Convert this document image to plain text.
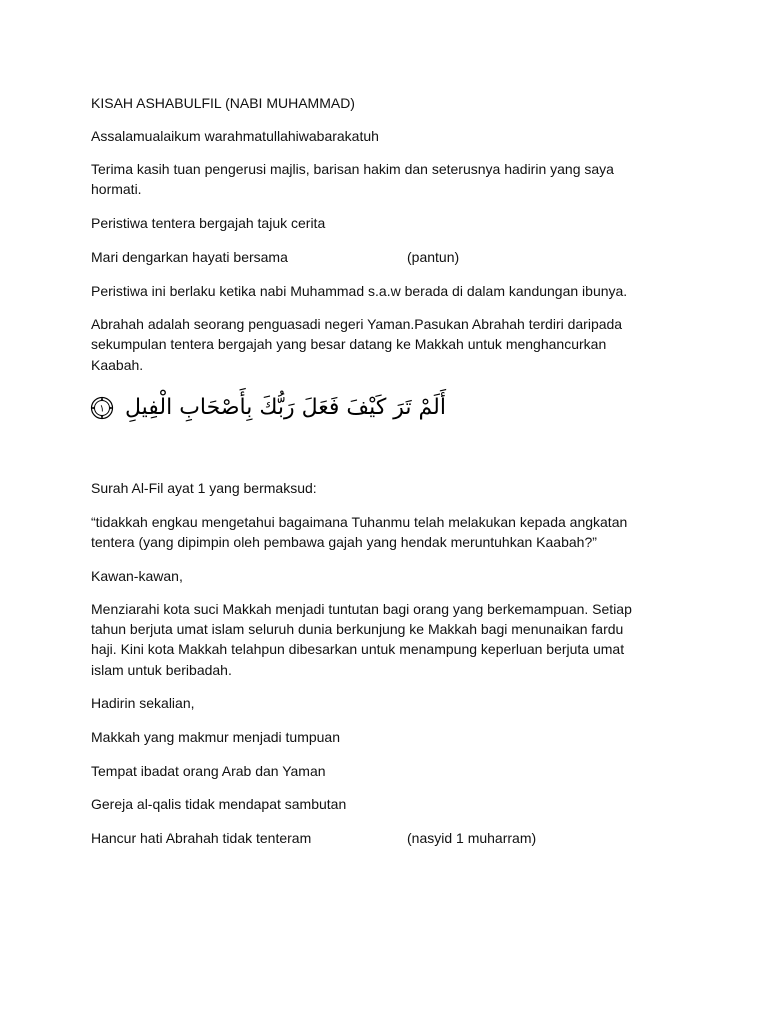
KISAH ASHABULFIL (NABI MUHAMMAD)
Assalamualaikum warahmatullahiwabarakatuh
Terima kasih tuan pengerusi majlis, barisan hakim dan seterusnya hadirin yang saya
hormati.
Peristiwa tentera bergajah tajuk cerita
Mari dengarkan hayati bersama	(pantun)
Peristiwa ini berlaku ketika nabi Muhammad s.a.w berada di dalam kandungan ibunya.
Abrahah adalah seorang penguasadi negeri Yaman.Pasukan Abrahah terdiri daripada
sekumpulan tentera bergajah yang besar datang ke Makkah untuk menghancurkan
Kaabah.
أَلَمْ تَرَ كَيْفَ فَعَلَ رَبُّكَ بِأَصْحَابِ الْفِيلِ
١
Surah Al-Fil ayat 1 yang bermaksud:
“tidakkah engkau mengetahui bagaimana Tuhanmu telah melakukan kepada angkatan
tentera (yang dipimpin oleh pembawa gajah yang hendak meruntuhkan Kaabah?”
Kawan-kawan,
Menziarahi kota suci Makkah menjadi tuntutan bagi orang yang berkemampuan. Setiap
tahun berjuta umat islam seluruh dunia berkunjung ke Makkah bagi menunaikan fardu
haji. Kini kota Makkah telahpun dibesarkan untuk menampung keperluan berjuta umat
islam untuk beribadah.
Hadirin sekalian,
Makkah yang makmur menjadi tumpuan
Tempat ibadat orang Arab dan Yaman
Gereja al-qalis tidak mendapat sambutan
Hancur hati Abrahah tidak tenteram	(nasyid 1 muharram)
